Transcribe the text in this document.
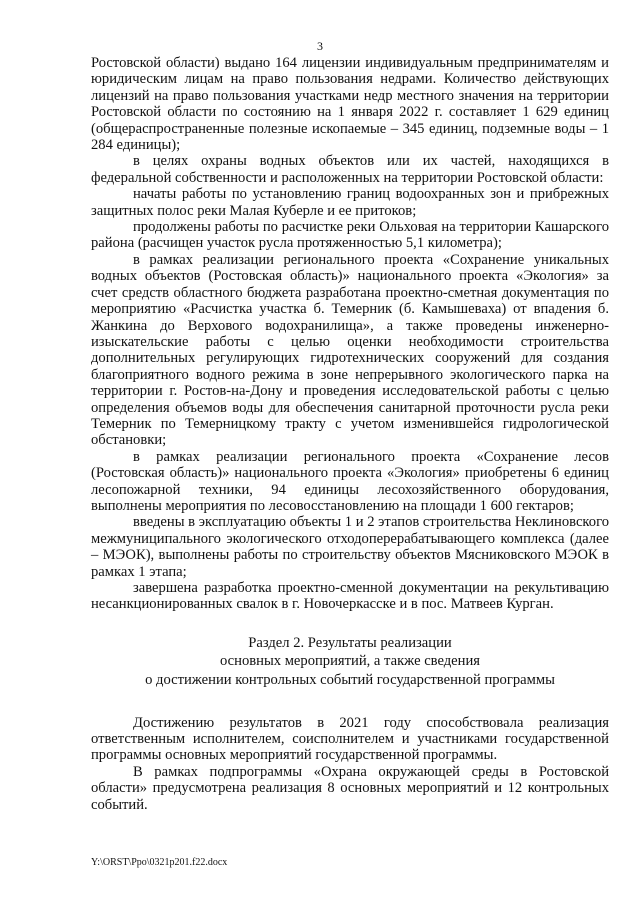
3

Ростовской области) выдано 164 лицензии индивидуальным предпринимателям и юридическим лицам на право пользования недрами. Количество действующих лицензий на право пользования участками недр местного значения на территории Ростовской области по состоянию на 1 января 2022 г. составляет 1 629 единиц (общераспространенные полезные ископаемые – 345 единиц, подземные воды – 1 284 единицы);

в целях охраны водных объектов или их частей, находящихся в федеральной собственности и расположенных на территории Ростовской области:

начаты работы по установлению границ водоохранных зон и прибрежных защитных полос реки Малая Куберле и ее притоков;

продолжены работы по расчистке реки Ольховая на территории Кашарского района (расчищен участок русла протяженностью 5,1 километра);

в рамках реализации регионального проекта «Сохранение уникальных водных объектов (Ростовская область)» национального проекта «Экология» за счет средств областного бюджета разработана проектно-сметная документация по мероприятию «Расчистка участка б. Темерник (б. Камышеваха) от впадения б. Жанкина до Верхового водохранилища», а также проведены инженерно-изыскательские работы с целью оценки необходимости строительства дополнительных регулирующих гидротехнических сооружений для создания благоприятного водного режима в зоне непрерывного экологического парка на территории г. Ростов-на-Дону и проведения исследовательской работы с целью определения объемов воды для обеспечения санитарной проточности русла реки Темерник по Темерницкому тракту с учетом изменившейся гидрологической обстановки;

в рамках реализации регионального проекта «Сохранение лесов (Ростовская область)» национального проекта «Экология» приобретены 6 единиц лесопожарной техники, 94 единицы лесохозяйственного оборудования, выполнены мероприятия по лесовосстановлению на площади 1 600 гектаров;

введены в эксплуатацию объекты 1 и 2 этапов строительства Неклиновского межмуниципального экологического отходоперерабатывающего комплекса (далее – МЭОК), выполнены работы по строительству объектов Мясниковского МЭОК в рамках 1 этапа;

завершена разработка проектно-сменной документации на рекультивацию несанкционированных свалок в г. Новочеркасске и в пос. Матвеев Курган.

Раздел 2. Результаты реализации
основных мероприятий, а также сведения
о достижении контрольных событий государственной программы

Достижению результатов в 2021 году способствовала реализация ответственным исполнителем, соисполнителем и участниками государственной программы основных мероприятий государственной программы.

В рамках подпрограммы «Охрана окружающей среды в Ростовской области» предусмотрена реализация 8 основных мероприятий и 12 контрольных событий.

Y:\ORST\Ppo\0321p201.f22.docx
